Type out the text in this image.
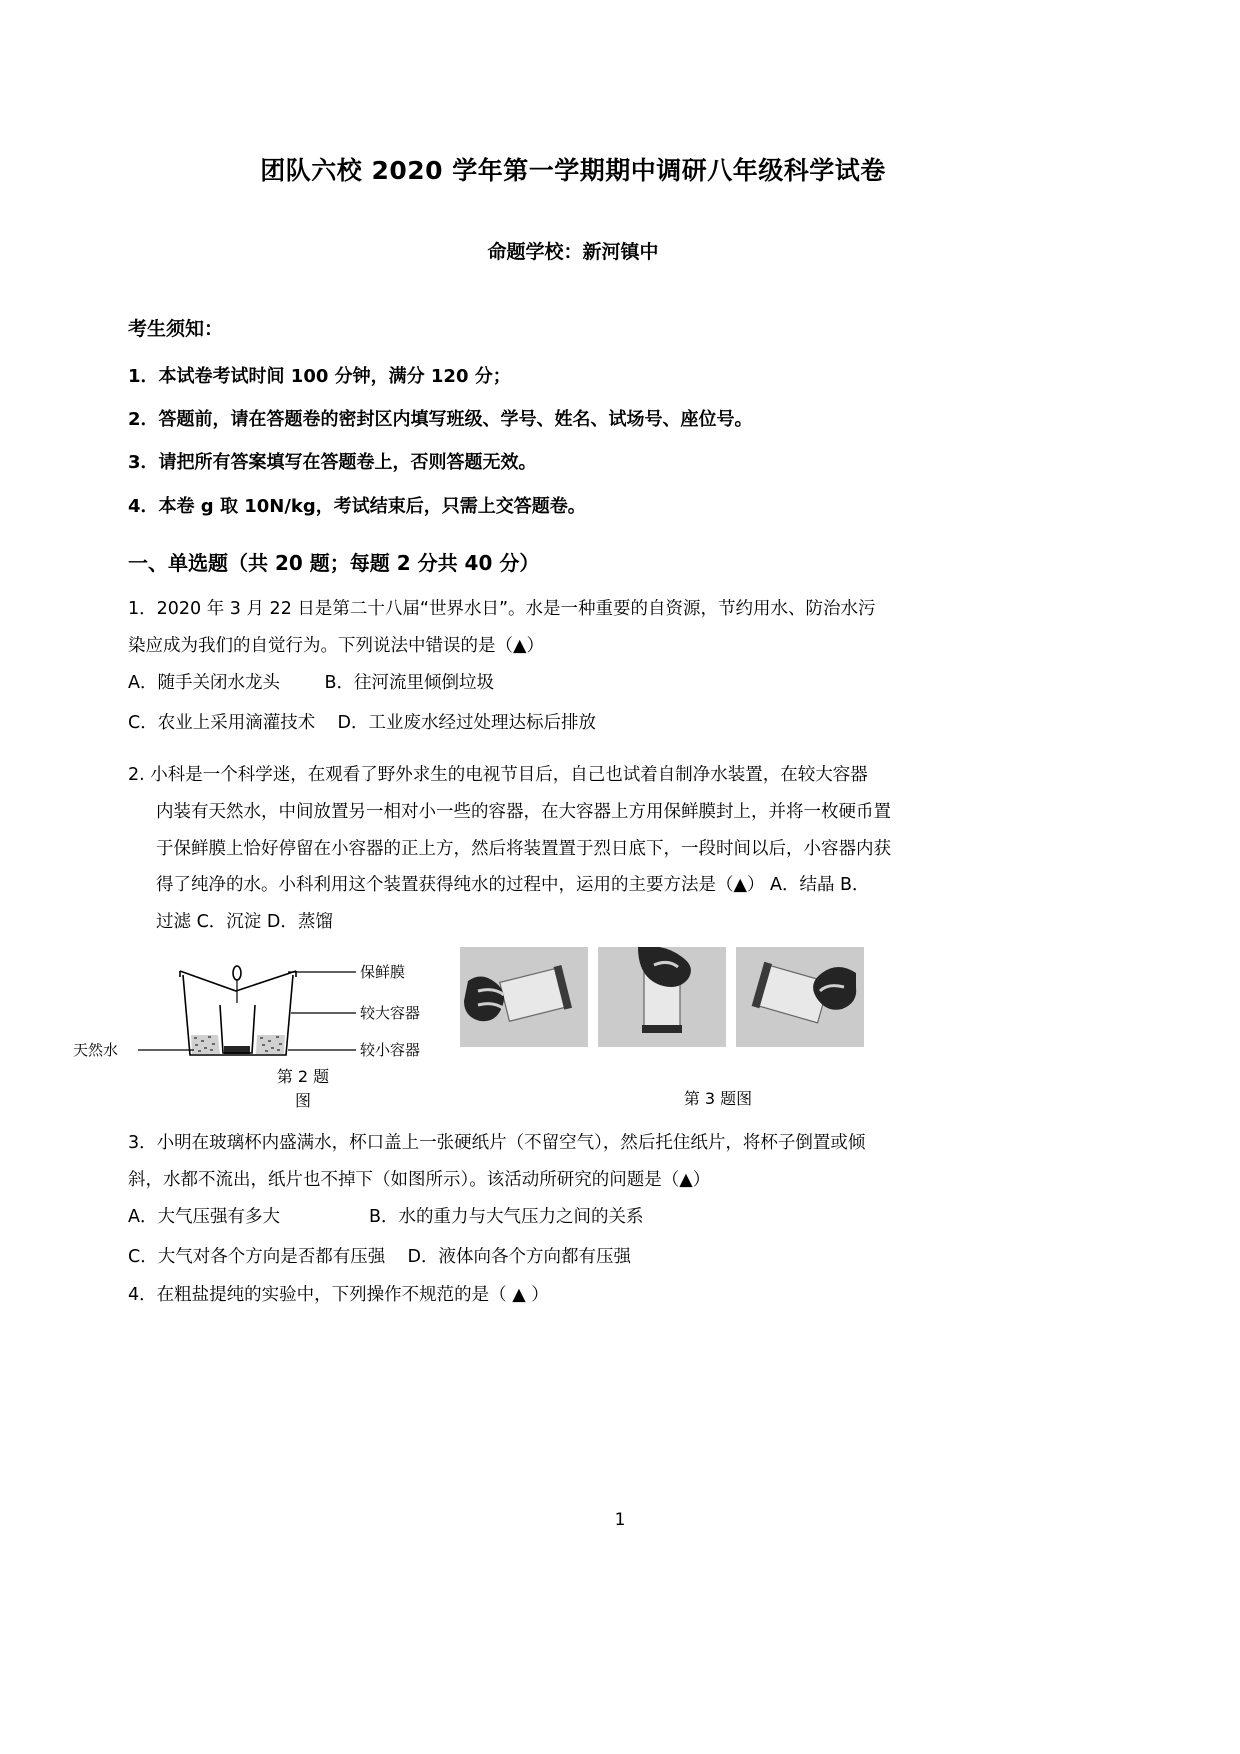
团队六校 2020 学年第一学期期中调研八年级科学试卷
命题学校：新河镇中
考生须知：
1．本试卷考试时间 100 分钟，满分 120 分；
2．答题前，请在答题卷的密封区内填写班级、学号、姓名、试场号、座位号。
3．请把所有答案填写在答题卷上，否则答题无效。
4．本卷 g 取 10N/kg，考试结束后，只需上交答题卷。
一、单选题（共 20 题；每题 2 分共 40 分）
1．2020 年 3 月 22 日是第二十八届“世界水日”。水是一种重要的自资源，节约用水、防治水污
染应成为我们的自觉行为。下列说法中错误的是（▲）
A．随手关闭水龙头        B．往河流里倾倒垃圾
C．农业上采用滴灌技术    D．工业废水经过处理达标后排放
2. 小科是一个科学迷，在观看了野外求生的电视节目后，自己也试着自制净水装置，在较大容器
内装有天然水，中间放置另一相对小一些的容器，在大容器上方用保鲜膜封上，并将一枚硬币置
于保鲜膜上恰好停留在小容器的正上方，然后将装置置于烈日底下，一段时间以后，小容器内获
得了纯净的水。小科利用这个装置获得纯水的过程中，运用的主要方法是（▲） A．结晶 B．
过滤 C．沉淀 D．蒸馏
保鲜膜
较大容器
较小容器
天然水
第 2 题
图	第 3 题图
3．小明在玻璃杯内盛满水，杯口盖上一张硬纸片（不留空气），然后托住纸片，将杯子倒置或倾
斜，水都不流出，纸片也不掉下（如图所示）。该活动所研究的问题是（▲）
A．大气压强有多大                B．水的重力与大气压力之间的关系
C．大气对各个方向是否都有压强    D．液体向各个方向都有压强
4．在粗盐提纯的实验中，下列操作不规范的是（ ▲ ）
1
